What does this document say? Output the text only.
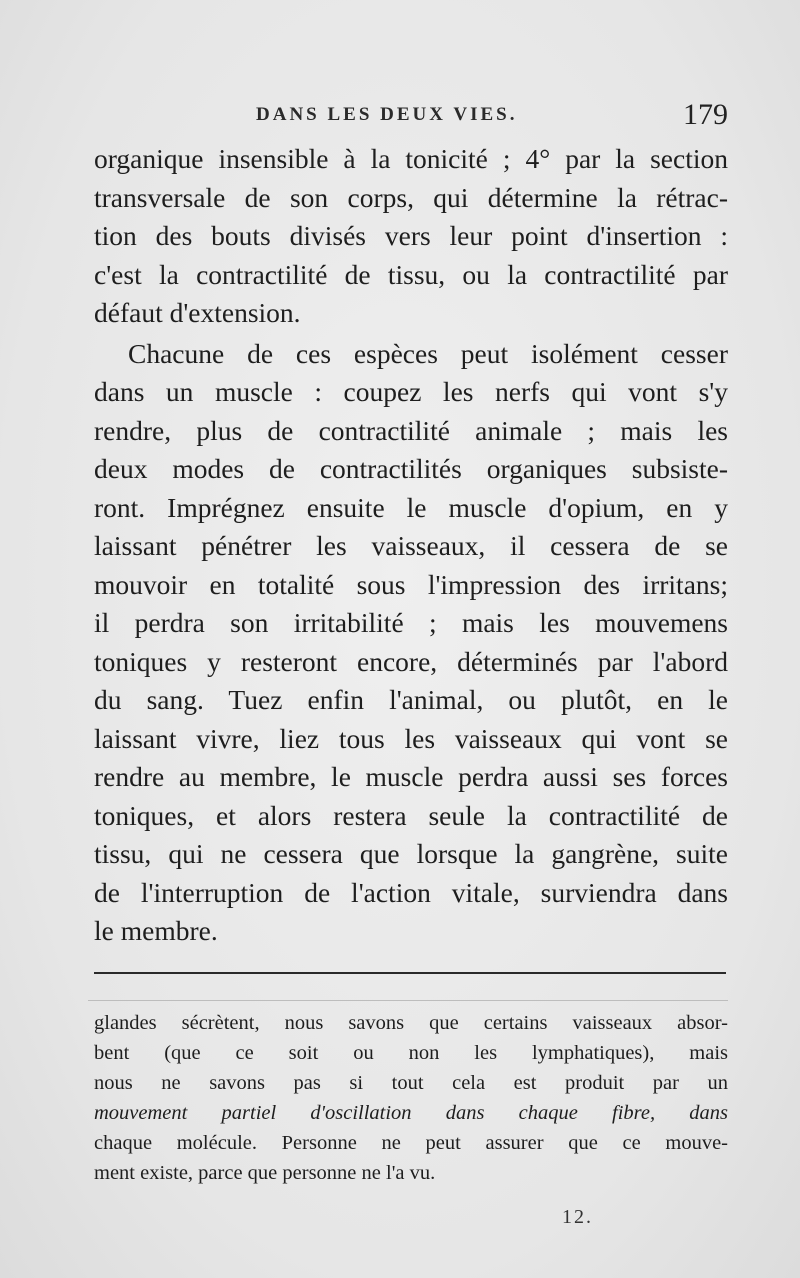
DANS LES DEUX VIES.	179
organique insensible à la tonicité ; 4° par la section
transversale de son corps, qui détermine la rétrac-
tion des bouts divisés vers leur point d'insertion :
c'est la contractilité de tissu, ou la contractilité par
défaut d'extension.
Chacune de ces espèces peut isolément cesser
dans un muscle : coupez les nerfs qui vont s'y
rendre, plus de contractilité animale ; mais les
deux modes de contractilités organiques subsiste-
ront. Imprégnez ensuite le muscle d'opium, en y
laissant pénétrer les vaisseaux, il cessera de se
mouvoir en totalité sous l'impression des irritans;
il perdra son irritabilité ; mais les mouvemens
toniques y resteront encore, déterminés par l'abord
du sang. Tuez enfin l'animal, ou plutôt, en le
laissant vivre, liez tous les vaisseaux qui vont se
rendre au membre, le muscle perdra aussi ses forces
toniques, et alors restera seule la contractilité de
tissu, qui ne cessera que lorsque la gangrène, suite
de l'interruption de l'action vitale, surviendra dans
le membre.
glandes sécrètent, nous savons que certains vaisseaux absor-
bent (que ce soit ou non les lymphatiques), mais
nous ne savons pas si tout cela est produit par un
mouvement partiel d'oscillation dans chaque fibre, dans
chaque molécule. Personne ne peut assurer que ce mouve-
ment existe, parce que personne ne l'a vu.
12.
